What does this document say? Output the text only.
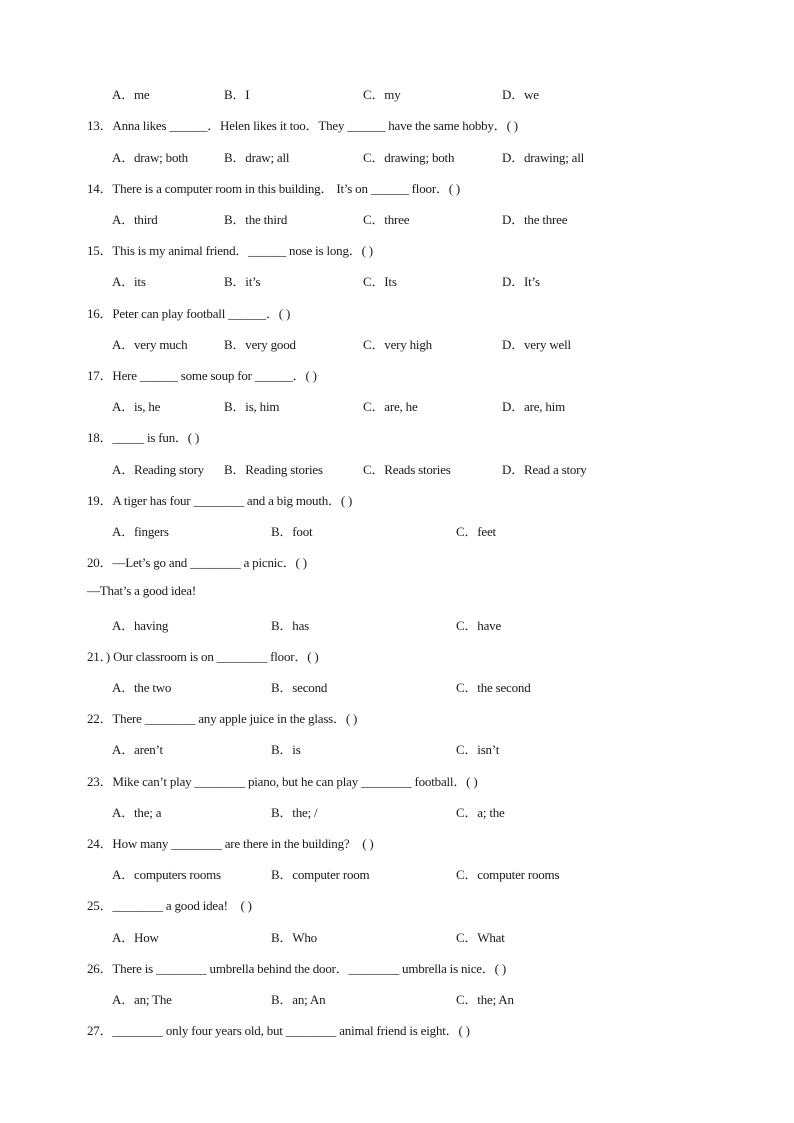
A．me	B．I	C．my	D．we
13．Anna likes ______．Helen likes it too．They ______ have the same hobby．( )
A．draw; both	B．draw; all	C．drawing; both	D．drawing; all
14．There is a computer room in this building． It’s on ______ floor．( )
A．third	B．the third	C．three	D．the three
15．This is my animal friend．______ nose is long．( )
A．its	B．it’s	C．Its	D．It’s
16．Peter can play football ______．( )
A．very much	B．very good	C．very high	D．very well
17．Here ______ some soup for ______．( )
A．is, he	B．is, him	C．are, he	D．are, him
18．_____ is fun．( )
A．Reading story B．Reading stories	C．Reads stories	D．Read a story
19．A tiger has four ________ and a big mouth．( )
A．fingers	B．foot	C．feet
20．—Let’s go and ________ a picnic．( )
—That’s a good idea!
A．having	B．has	C．have
21．) Our classroom is on ________ floor．( )
A．the two	B．second	C．the second
22．There ________ any apple juice in the glass．( )
A．aren’t	B．is	C．isn’t
23．Mike can’t play ________ piano, but he can play ________ football．( )
A．the; a	B．the; /	C．a; the
24．How many ________ are there in the building?　( )
A．computers rooms	B．computer room	C．computer rooms
25．________ a good idea!　( )
A．How	B．Who	C．What
26．There is ________ umbrella behind the door．________ umbrella is nice．( )
A．an; The	B．an; An	C．the; An
27．________ only four years old, but ________ animal friend is eight．( )
